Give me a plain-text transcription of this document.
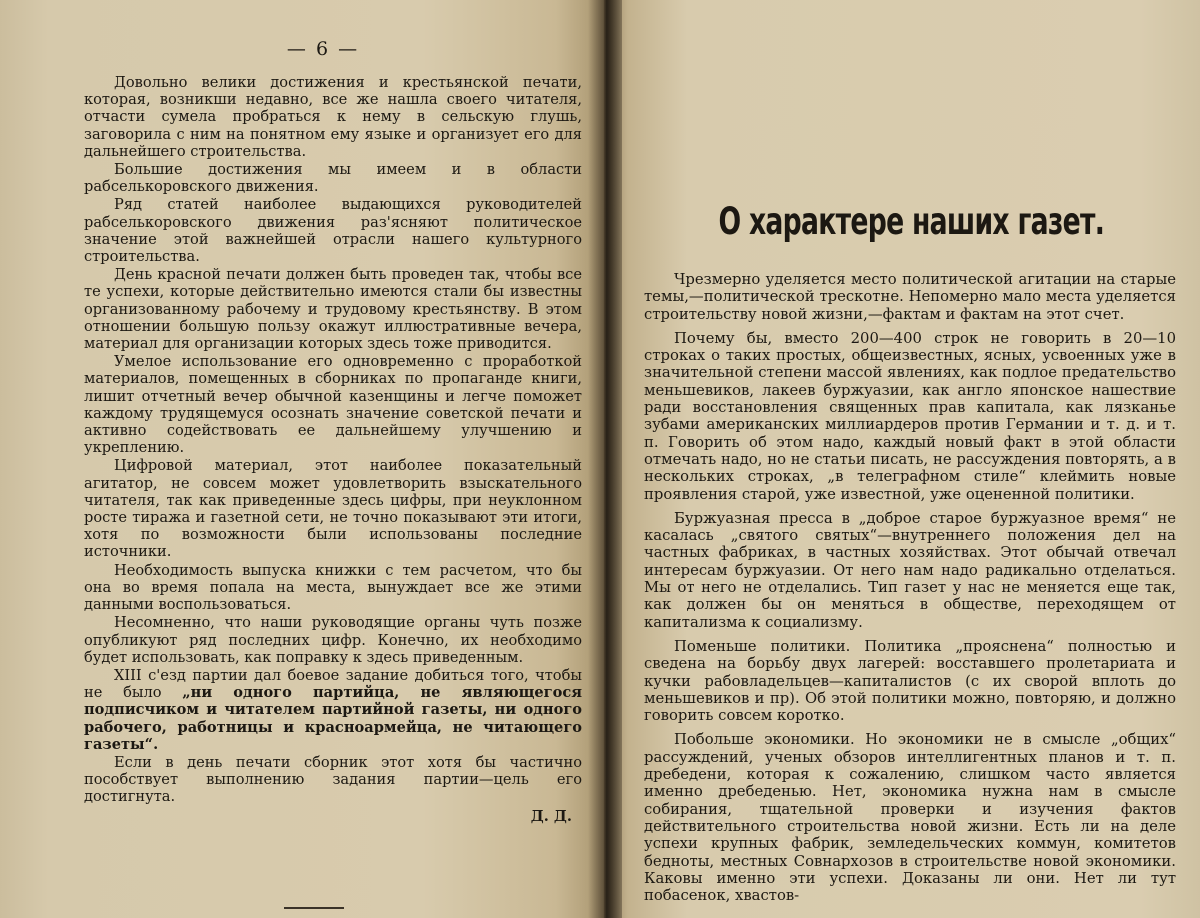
— 6 —

Довольно велики достижения и крестьянской печати, которая, возникши недавно, все же нашла своего читателя, отчасти сумела пробраться к нему в сельскую глушь, заговорила с ним на понятном ему языке и организует его для дальнейшего строительства.

Большие достижения мы имеем и в области рабселькоровского движения.

Ряд статей наиболее выдающихся руководителей рабселькоровского движения раз'ясняют политическое значение этой важнейшей отрасли нашего культурного строительства.

День красной печати должен быть проведен так, чтобы все те успехи, которые действительно имеются стали бы известны организованному рабочему и трудовому крестьянству. В этом отношении большую пользу окажут иллюстративные вечера, материал для организации которых здесь тоже приводится.

Умелое использование его одновременно с проработкой материалов, помещенных в сборниках по пропаганде книги, лишит отчетный вечер обычной казенщины и легче поможет каждому трудящемуся осознать значение советской печати и активно содействовать ее дальнейшему улучшению и укреплению.

Цифровой материал, этот наиболее показательный агитатор, не совсем может удовлетворить взыскательного читателя, так как приведенные здесь цифры, при неуклонном росте тиража и газетной сети, не точно показывают эти итоги, хотя по возможности были использованы последние источники.

Необходимость выпуска книжки с тем расчетом, что бы она во время попала на места, вынуждает все же этими данными воспользоваться.

Несомненно, что наши руководящие органы чуть позже опубликуют ряд последних цифр. Конечно, их необходимо будет использовать, как поправку к здесь приведенным.

XIII с'езд партии дал боевое задание добиться того, чтобы не было „ни одного партийца, не являющегося подписчиком и читателем партийной газеты, ни одного рабочего, работницы и красноармейца, не читающего газеты“.

Если в день печати сборник этот хотя бы частично пособствует выполнению задания партии—цель его достигнута.

Д. Д.
О характере наших газет.

Чрезмерно уделяется место политической агитации на старые темы,—политической трескотне. Непомерно мало места уделяется строительству новой жизни,—фактам и фактам на этот счет.

Почему бы, вместо 200—400 строк не говорить в 20—10 строках о таких простых, общеизвестных, ясных, усвоенных уже в значительной степени массой явлениях, как подлое предательство меньшевиков, лакеев буржуазии, как англо японское нашествие ради восстановления священных прав капитала, как лязканье зубами американских миллиардеров против Германии и т. д. и т. п. Говорить об этом надо, каждый новый факт в этой области отмечать надо, но не статьи писать, не рассуждения повторять, а в нескольких строках, „в телеграфном стиле“ клеймить новые проявления старой, уже известной, уже оцененной политики.

Буржуазная пресса в „доброе старое буржуазное время“ не касалась „святого святых“—внутреннего положения дел на частных фабриках, в частных хозяйствах. Этот обычай отвечал интересам буржуазии. От него нам надо радикально отделаться. Мы от него не отделались. Тип газет у нас не меняется еще так, как должен бы он меняться в обществе, переходящем от капитализма к социализму.

Поменьше политики. Политика „прояснена“ полностью и сведена на борьбу двух лагерей: восставшего пролетариата и кучки рабовладельцев—капиталистов (с их сворой вплоть до меньшевиков и пр). Об этой политики можно, повторяю, и должно говорить совсем коротко.

Побольше экономики. Но экономики не в смысле „общих“ рассуждений, ученых обзоров интеллигентных планов и т. п. дребедени, которая к сожалению, слишком часто является именно дребеденью. Нет, экономика нужна нам в смысле собирания, тщательной проверки и изучения фактов действительного строительства новой жизни. Есть ли на деле успехи крупных фабрик, земледельческих коммун, комитетов бедноты, местных Совнархозов в строительстве новой экономики. Каковы именно эти успехи. Доказаны ли они. Нет ли тут побасенок, хвастов-
